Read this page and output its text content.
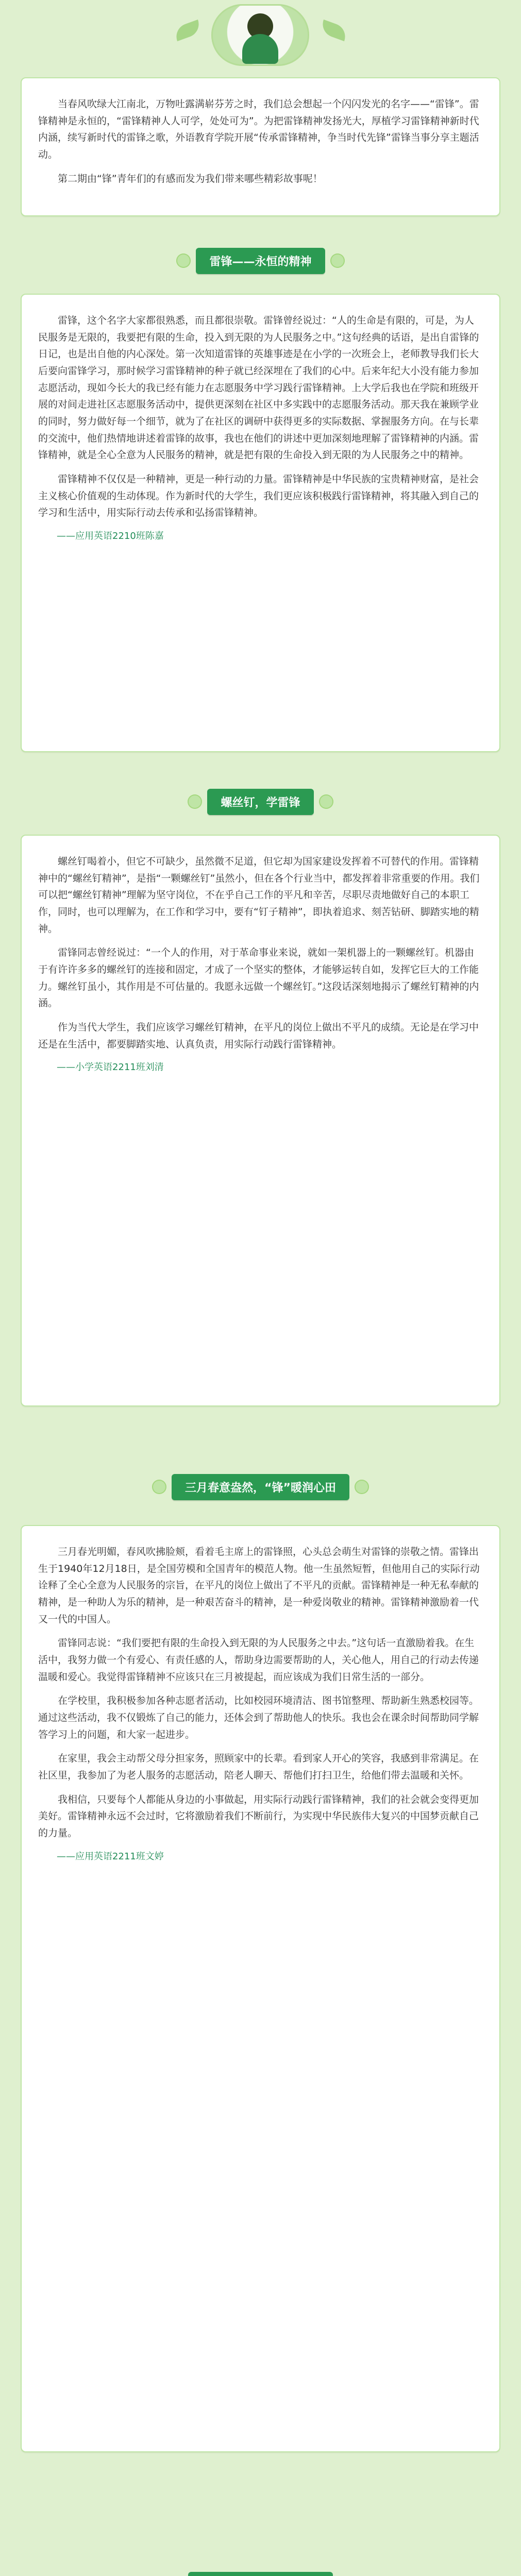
当春风吹绿大江南北，万物吐露满崭芬芳之时，我们总会想起一个闪闪发光的名字——“雷锋”。雷锋精神是永恒的，“雷锋精神人人可学，处处可为”。为把雷锋精神发扬光大，厚植学习雷锋精神新时代内涵，续写新时代的雷锋之歌，外语教育学院开展“传承雷锋精神，争当时代先锋”雷锋当事分享主题活动。

第二期由“锋”青年们的有感而发为我们带来哪些精彩故事呢！

雷锋——永恒的精神

雷锋，这个名字大家都很熟悉，而且都很崇敬。雷锋曾经说过：“人的生命是有限的，可是，为人民服务是无限的，我要把有限的生命，投入到无限的为人民服务之中。”这句经典的话语，是出自雷锋的日记，也是出自他的内心深处。第一次知道雷锋的英雄事迹是在小学的一次班会上，老师教导我们长大后要向雷锋学习，那时候学习雷锋精神的种子就已经深埋在了我们的心中。后来年纪大小没有能力参加志愿活动，现如今长大的我已经有能力在志愿服务中学习践行雷锋精神。上大学后我也在学院和班级开展的对间走进社区志愿服务活动中，提供更深刻在社区中多实践中的志愿服务活动。那天我在兼顾学业的同时，努力做好每一个细节，就为了在社区的调研中获得更多的实际数据、掌握服务方向。在与长辈的交流中，他们热情地讲述着雷锋的故事，我也在他们的讲述中更加深刻地理解了雷锋精神的内涵。雷锋精神，就是全心全意为人民服务的精神，就是把有限的生命投入到无限的为人民服务之中的精神。

雷锋精神不仅仅是一种精神，更是一种行动的力量。雷锋精神是中华民族的宝贵精神财富，是社会主义核心价值观的生动体现。作为新时代的大学生，我们更应该积极践行雷锋精神，将其融入到自己的学习和生活中，用实际行动去传承和弘扬雷锋精神。

——应用英语2210班陈嘉
螺丝钉，学雷锋

螺丝钉喝着小，但它不可缺少，虽然微不足道，但它却为国家建设发挥着不可替代的作用。雷锋精神中的“螺丝钉精神”，是指“一颗螺丝钉”虽然小，但在各个行业当中，都发挥着非常重要的作用。我们可以把“螺丝钉精神”理解为坚守岗位，不在乎自己工作的平凡和辛苦，尽职尽责地做好自己的本职工作，同时，也可以理解为，在工作和学习中，要有“钉子精神”，即执着追求、刻苦钻研、脚踏实地的精神。

雷锋同志曾经说过：“一个人的作用，对于革命事业来说，就如一架机器上的一颗螺丝钉。机器由于有许许多多的螺丝钉的连接和固定，才成了一个坚实的整体，才能够运转自如，发挥它巨大的工作能力。螺丝钉虽小，其作用是不可估量的。我愿永远做一个螺丝钉。”这段话深刻地揭示了螺丝钉精神的内涵。

作为当代大学生，我们应该学习螺丝钉精神，在平凡的岗位上做出不平凡的成绩。无论是在学习中还是在生活中，都要脚踏实地、认真负责，用实际行动践行雷锋精神。

——小学英语2211班刘清
三月春意盎然，“锋”暖润心田

三月春光明媚，春风吹拂脸颊，看着毛主席上的雷锋照，心头总会萌生对雷锋的崇敬之情。雷锋出生于1940年12月18日，是全国劳模和全国青年的模范人物。他一生虽然短暂，但他用自己的实际行动诠释了全心全意为人民服务的宗旨，在平凡的岗位上做出了不平凡的贡献。雷锋精神是一种无私奉献的精神，是一种助人为乐的精神，是一种艰苦奋斗的精神，是一种爱岗敬业的精神。雷锋精神激励着一代又一代的中国人。

雷锋同志说：“我们要把有限的生命投入到无限的为人民服务之中去。”这句话一直激励着我。在生活中，我努力做一个有爱心、有责任感的人，帮助身边需要帮助的人，关心他人，用自己的行动去传递温暖和爱心。我觉得雷锋精神不应该只在三月被提起，而应该成为我们日常生活的一部分。

在学校里，我积极参加各种志愿者活动，比如校园环境清洁、图书馆整理、帮助新生熟悉校园等。通过这些活动，我不仅锻炼了自己的能力，还体会到了帮助他人的快乐。我也会在课余时间帮助同学解答学习上的问题，和大家一起进步。

在家里，我会主动帮父母分担家务，照顾家中的长辈。看到家人开心的笑容，我感到非常满足。在社区里，我参加了为老人服务的志愿活动，陪老人聊天、帮他们打扫卫生，给他们带去温暖和关怀。

我相信，只要每个人都能从身边的小事做起，用实际行动践行雷锋精神，我们的社会就会变得更加美好。雷锋精神永远不会过时，它将激励着我们不断前行，为实现中华民族伟大复兴的中国梦贡献自己的力量。

——应用英语2211班文婷
